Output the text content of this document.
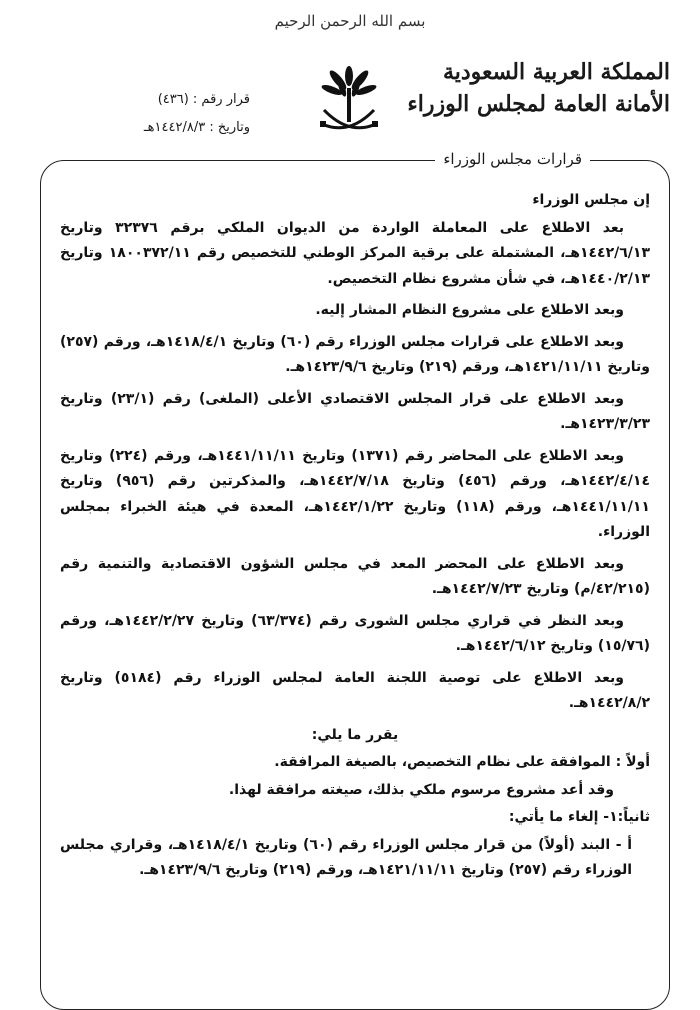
بسم الله الرحمن الرحيم
المملكة العربية السعودية
الأمانة العامة لمجلس الوزراء
قرار رقم : (٤٣٦)
وتاريخ : ١٤٤٢/٨/٣هـ
قرارات مجلس الوزراء

إن مجلس الوزراء

بعد الاطلاع على المعاملة الواردة من الديوان الملكي برقم ٣٢٣٧٦ وتاريخ ١٤٤٢/٦/١٣هـ، المشتملة على برقية المركز الوطني للتخصيص رقم ١٨٠٠٣٧٢/١١ وتاريخ ١٤٤٠/٢/١٣هـ، في شأن مشروع نظام التخصيص.

وبعد الاطلاع على مشروع النظام المشار إليه.

وبعد الاطلاع على قرارات مجلس الوزراء رقم (٦٠) وتاريخ ١٤١٨/٤/١هـ، ورقم (٢٥٧) وتاريخ ١٤٢١/١١/١١هـ، ورقم (٢١٩) وتاريخ ١٤٢٣/٩/٦هـ.

وبعد الاطلاع على قرار المجلس الاقتصادي الأعلى (الملغى) رقم (٢٣/١) وتاريخ ١٤٢٣/٣/٢٣هـ.

وبعد الاطلاع على المحاضر رقم (١٣٧١) وتاريخ ١٤٤١/١١/١١هـ، ورقم (٢٢٤) وتاريخ ١٤٤٢/٤/١٤هـ، ورقم (٤٥٦) وتاريخ ١٤٤٢/٧/١٨هـ، والمذكرتين رقم (٩٥٦) وتاريخ ١٤٤١/١١/١١هـ، ورقم (١١٨) وتاريخ ١٤٤٢/١/٢٢هـ، المعدة في هيئة الخبراء بمجلس الوزراء.

وبعد الاطلاع على المحضر المعد في مجلس الشؤون الاقتصادية والتنمية رقم (٤٢/٢١٥/م) وتاريخ ١٤٤٢/٧/٢٣هـ.

وبعد النظر في قراري مجلس الشورى رقم (٦٣/٣٧٤) وتاريخ ١٤٤٢/٢/٢٧هـ، ورقم (١٥/٧٦) وتاريخ ١٤٤٢/٦/١٢هـ.

وبعد الاطلاع على توصية اللجنة العامة لمجلس الوزراء رقم (٥١٨٤) وتاريخ ١٤٤٢/٨/٢هـ.

يقرر ما يلي:

أولاً : الموافقة على نظام التخصيص، بالصيغة المرافقة.

وقد أعد مشروع مرسوم ملكي بذلك، صيغته مرافقة لهذا.

ثانياً:١- إلغاء ما يأتي:

أ - البند (أولاً) من قرار مجلس الوزراء رقم (٦٠) وتاريخ ١٤١٨/٤/١هـ، وقراري مجلس الوزراء رقم (٢٥٧) وتاريخ ١٤٢١/١١/١١هـ، ورقم (٢١٩) وتاريخ ١٤٢٣/٩/٦هـ.
